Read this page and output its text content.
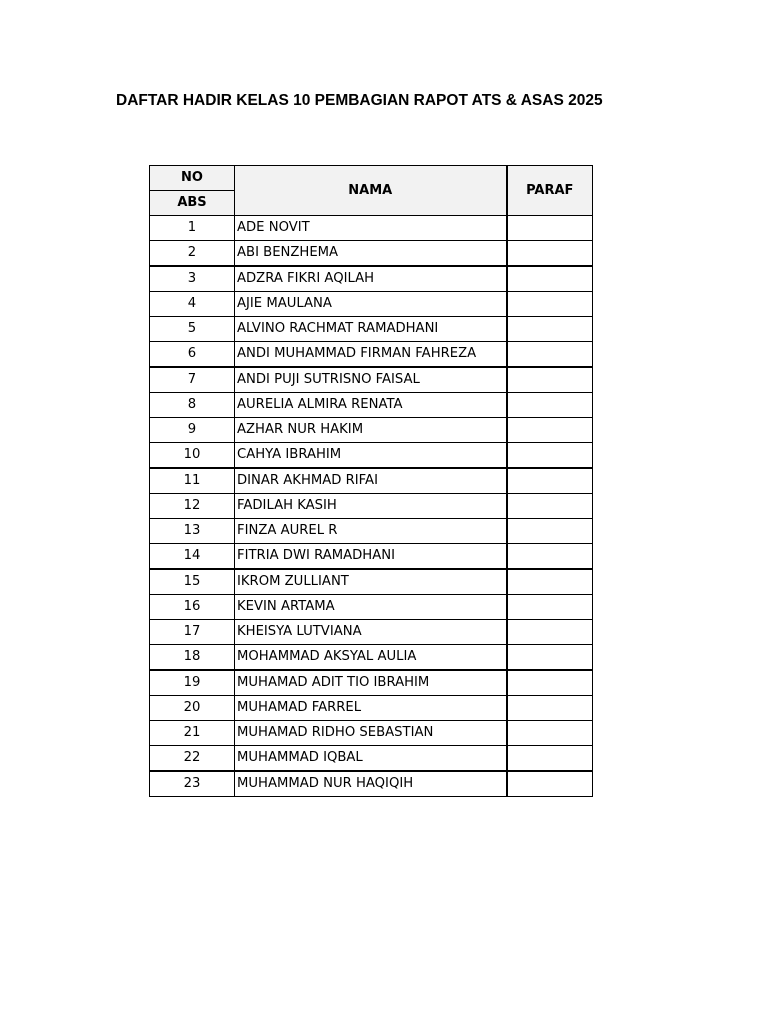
DAFTAR HADIR KELAS 10 PEMBAGIAN RAPOT ATS & ASAS 2025
NO	NAMA	PARAF
ABS		
1	ADE NOVIT	
2	ABI BENZHEMA	
3	ADZRA FIKRI AQILAH	
4	AJIE MAULANA	
5	ALVINO RACHMAT RAMADHANI	
6	ANDI MUHAMMAD FIRMAN FAHREZA	
7	ANDI PUJI SUTRISNO FAISAL	
8	AURELIA ALMIRA RENATA	
9	AZHAR NUR HAKIM	
10	CAHYA IBRAHIM	
11	DINAR AKHMAD RIFAI	
12	FADILAH KASIH	
13	FINZA AUREL R	
14	FITRIA DWI RAMADHANI	
15	IKROM ZULLIANT	
16	KEVIN ARTAMA	
17	KHEISYA LUTVIANA	
18	MOHAMMAD AKSYAL AULIA	
19	MUHAMAD ADIT TIO IBRAHIM	
20	MUHAMAD FARREL	
21	MUHAMAD RIDHO SEBASTIAN	
22	MUHAMMAD IQBAL	
23	MUHAMMAD NUR HAQIQIH	
